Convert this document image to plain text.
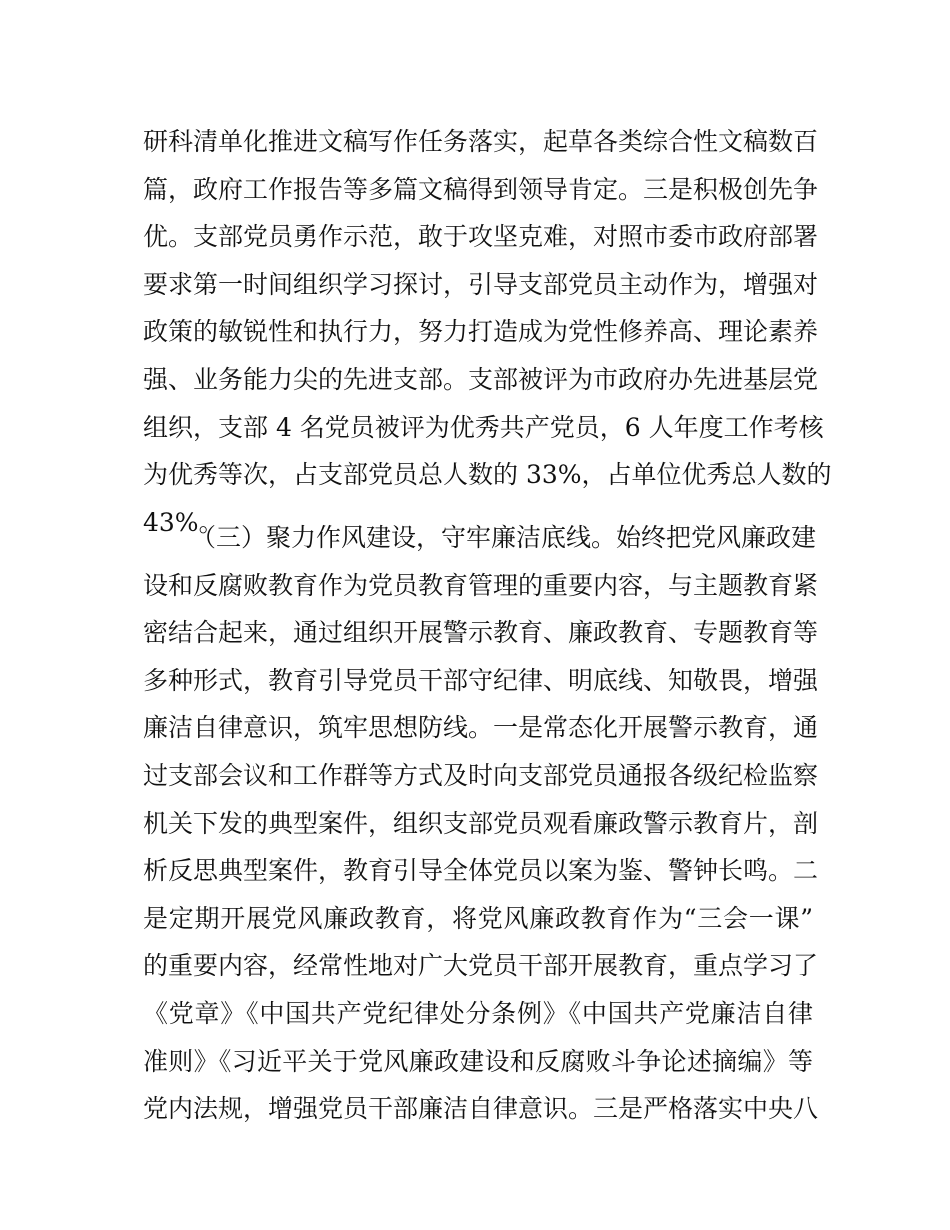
研科清单化推进文稿写作任务落实，起草各类综合性文稿数百
篇，政府工作报告等多篇文稿得到领导肯定。三是积极创先争
优。支部党员勇作示范，敢于攻坚克难，对照市委市政府部署
要求第一时间组织学习探讨，引导支部党员主动作为，增强对
政策的敏锐性和执行力，努力打造成为党性修养高、理论素养
强、业务能力尖的先进支部。支部被评为市政府办先进基层党
组织，支部 4 名党员被评为优秀共产党员，6 人年度工作考核
为优秀等次，占支部党员总人数的 33%，占单位优秀总人数的
43%。
（三）聚力作风建设，守牢廉洁底线。始终把党风廉政建
设和反腐败教育作为党员教育管理的重要内容，与主题教育紧
密结合起来，通过组织开展警示教育、廉政教育、专题教育等
多种形式，教育引导党员干部守纪律、明底线、知敬畏，增强
廉洁自律意识，筑牢思想防线。一是常态化开展警示教育，通
过支部会议和工作群等方式及时向支部党员通报各级纪检监察
机关下发的典型案件，组织支部党员观看廉政警示教育片，剖
析反思典型案件，教育引导全体党员以案为鉴、警钟长鸣。二
是定期开展党风廉政教育，将党风廉政教育作为“三会一课”
的重要内容，经常性地对广大党员干部开展教育，重点学习了
《党章》《中国共产党纪律处分条例》《中国共产党廉洁自律
准则》《习近平关于党风廉政建设和反腐败斗争论述摘编》等
党内法规，增强党员干部廉洁自律意识。三是严格落实中央八
